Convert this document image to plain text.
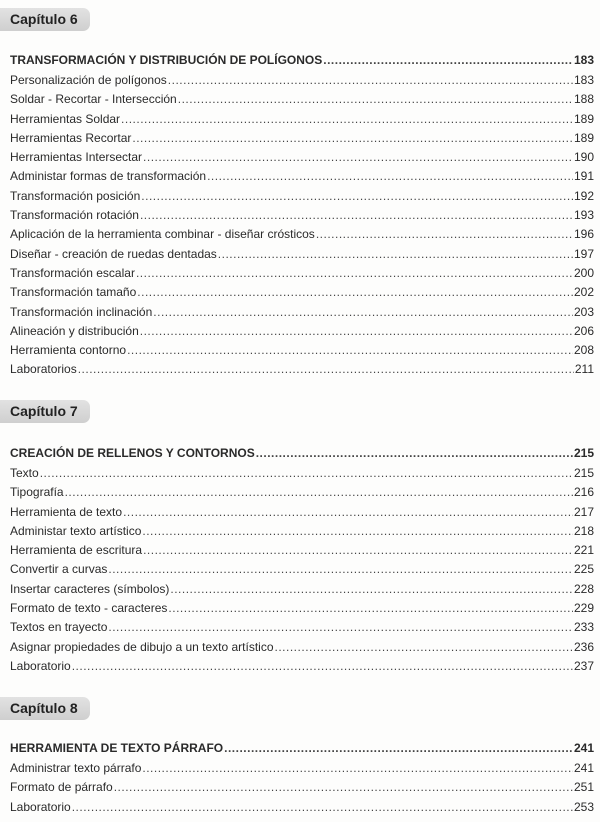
Capítulo 6
TRANSFORMACIÓN Y DISTRIBUCIÓN DE POLÍGONOS .....	183
Personalización de polígonos .....	183
Soldar - Recortar - Intersección .....	188
Herramientas Soldar .....	189
Herramientas Recortar .....	189
Herramientas Intersectar .....	190
Administar formas de transformación .....	191
Transformación posición .....	192
Transformación rotación .....	193
Aplicación de la herramienta combinar - diseñar crósticos .....	196
Diseñar - creación de ruedas dentadas .....	197
Transformación escalar .....	200
Transformación tamaño .....	202
Transformación inclinación .....	203
Alineación y distribución .....	206
Herramienta contorno .....	208
Laboratorios .....	211
Capítulo 7
CREACIÓN DE RELLENOS Y CONTORNOS .....	215
Texto .....	215
Tipografía .....	216
Herramienta de texto .....	217
Administar texto artístico .....	218
Herramienta de escritura .....	221
Convertir a curvas .....	225
Insertar caracteres (símbolos) .....	228
Formato de texto - caracteres .....	229
Textos en trayecto .....	233
Asignar propiedades de dibujo a un texto artístico .....	236
Laboratorio .....	237
Capítulo 8
HERRAMIENTA DE TEXTO PÁRRAFO .....	241
Administrar texto párrafo .....	241
Formato de párrafo .....	251
Laboratorio .....	253
